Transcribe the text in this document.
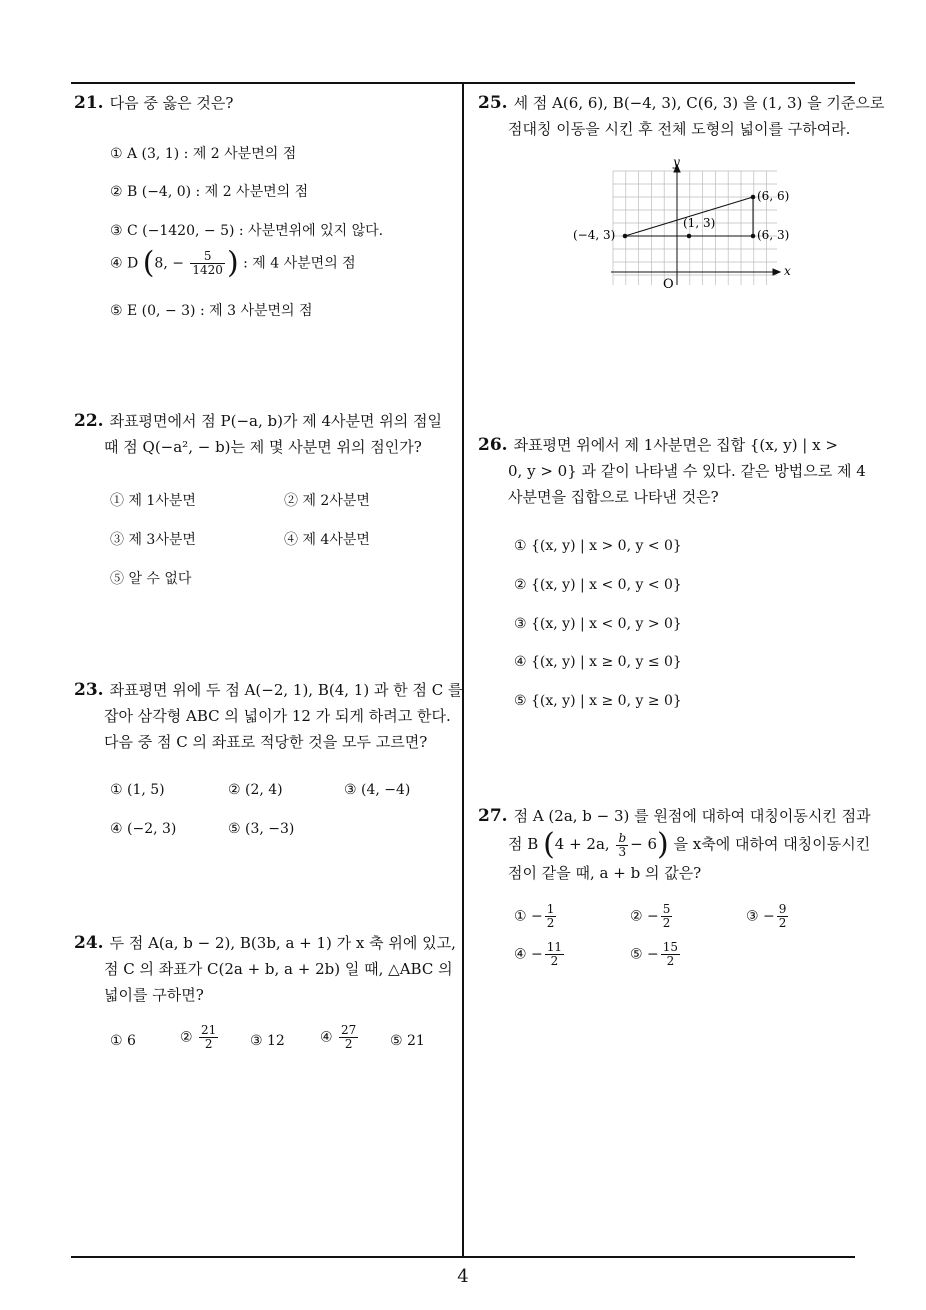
21. 다음 중 옳은 것은?
① A (3, 1) : 제 2 사분면의 점
② B (−4, 0) : 제 2 사분면의 점
③ C (−1420, − 5) : 사분면위에 있지 않다.
④ D (8, − $\frac{5}{1420}$ ) : 제 4 사분면의 점
⑤ E (0, − 3) : 제 3 사분면의 점
22. 좌표평면에서 점 P(−a, b)가 제 4사분면 위의 점일
때 점 Q(−a², − b)는 제 몇 사분면 위의 점인가?
① 제 1사분면	② 제 2사분면
③ 제 3사분면	④ 제 4사분면
⑤ 알 수 없다
23. 좌표평면 위에 두 점 A(−2, 1), B(4, 1) 과 한 점 C 를
잡아 삼각형 ABC 의 넓이가 12 가 되게 하려고 한다.
다음 중 점 C 의 좌표로 적당한 것을 모두 고르면?
① (1, 5)	② (2, 4)	③ (4, −4)
④ (−2, 3)	⑤ (3, −3)
24. 두 점 A(a, b − 2), B(3b, a + 1) 가 x 축 위에 있고,
점 C 의 좌표가 C(2a + b, a + 2b) 일 때, △ABC 의
넓이를 구하면?
① 6	② $\frac{21}{2}$ ③ 12	④ $\frac{27}{2}$ ⑤ 21
25. 세 점 A(6, 6), B(−4, 3), C(6, 3) 을 (1, 3) 을 기준으로
점대칭 이동을 시킨 후 전체 도형의 넓이를 구하여라.
y
x
O
(6, 6)
(1, 3)
(−4, 3)	(6, 3)
26. 좌표평면 위에서 제 1사분면은 집합 {(x, y) | x >
0, y > 0} 과 같이 나타낼 수 있다. 같은 방법으로 제 4
사분면을 집합으로 나타낸 것은?
① {(x, y) | x > 0, y < 0}
② {(x, y) | x < 0, y < 0}
③ {(x, y) | x < 0, y > 0}
④ {(x, y) | x ≥ 0, y ≤ 0}
⑤ {(x, y) | x ≥ 0, y ≥ 0}
27. 점 A (2a, b − 3) 를 원점에 대하여 대칭이동시킨 점과
점 B (4 + 2a, $\frac{b}{3} - 6$) 을 x축에 대하여 대칭이동시킨
점이 같을 때, a + b 의 값은?
① − $\frac{1}{2}$	② − $\frac{5}{2}$	③ − $\frac{9}{2}$
④ − $\frac{11}{2}$	⑤ − $\frac{15}{2}$
4
